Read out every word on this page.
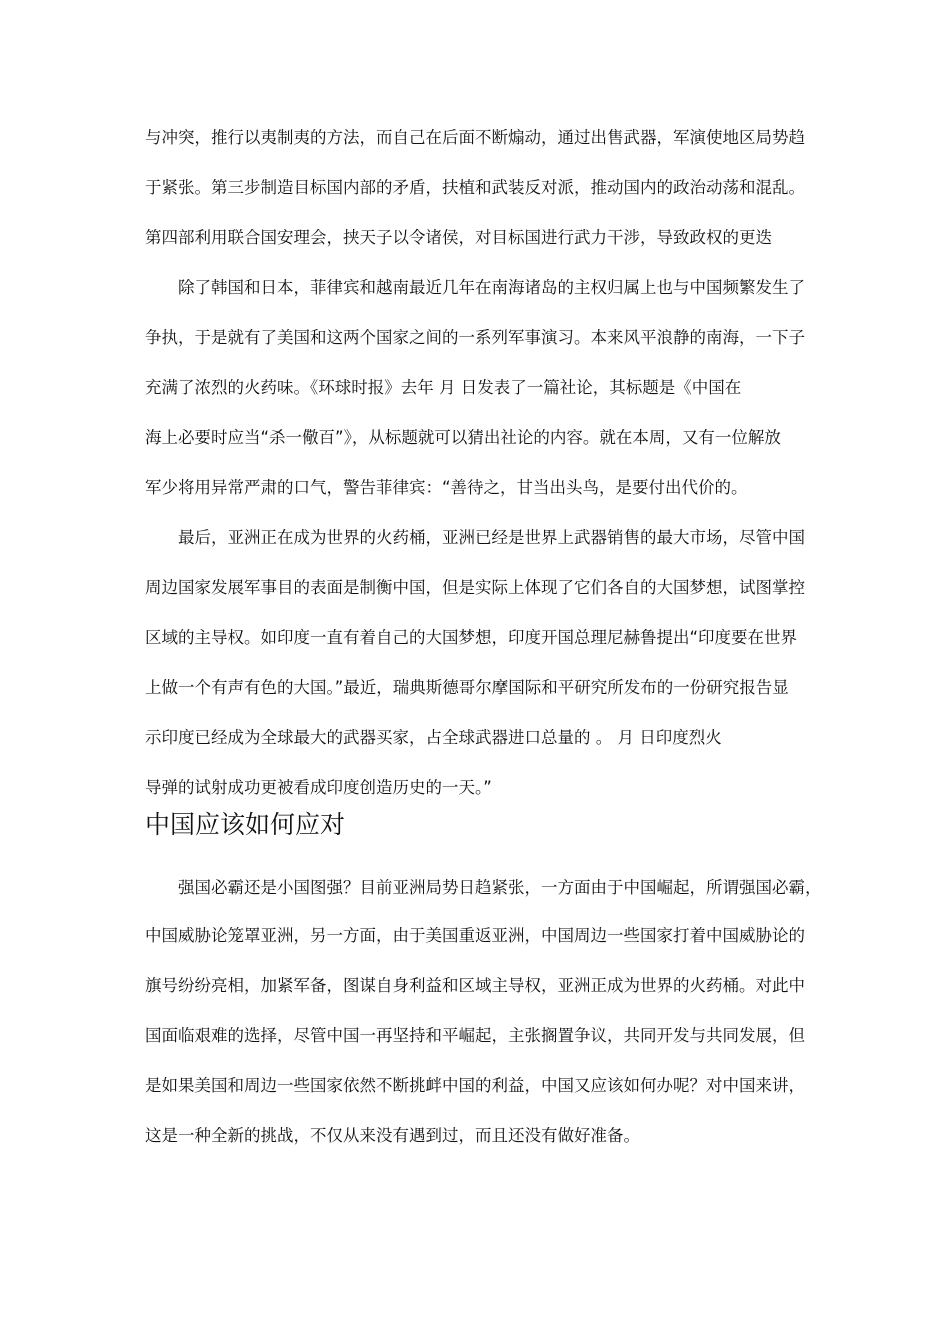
与冲突，推行以夷制夷的方法，而自己在后面不断煽动，通过出售武器，军演使地区局势趋
于紧张。第三步制造目标国内部的矛盾，扶植和武装反对派，推动国内的政治动荡和混乱。
第四部利用联合国安理会，挟天子以令诸侯，对目标国进行武力干涉，导致政权的更迭
除了韩国和日本，菲律宾和越南最近几年在南海诸岛的主权归属上也与中国频繁发生了
争执，于是就有了美国和这两个国家之间的一系列军事演习。本来风平浪静的南海，一下子
充满了浓烈的火药味。《环球时报》去年 月 日发表了一篇社论，其标题是《中国在
海上必要时应当“杀一儆百”》，从标题就可以猜出社论的内容。就在本周，又有一位解放
军少将用异常严肃的口气，警告菲律宾：“善待之，甘当出头鸟，是要付出代价的。
最后，亚洲正在成为世界的火药桶，亚洲已经是世界上武器销售的最大市场，尽管中国
周边国家发展军事目的表面是制衡中国，但是实际上体现了它们各自的大国梦想，试图掌控
区域的主导权。如印度一直有着自己的大国梦想，印度开国总理尼赫鲁提出“印度要在世界
上做一个有声有色的大国。”最近，瑞典斯德哥尔摩国际和平研究所发布的一份研究报告显
示印度已经成为全球最大的武器买家，占全球武器进口总量的 。 月 日印度烈火
导弹的试射成功更被看成印度创造历史的一天。”
中国应该如何应对
强国必霸还是小国图强？目前亚洲局势日趋紧张，一方面由于中国崛起，所谓强国必霸，
中国威胁论笼罩亚洲，另一方面，由于美国重返亚洲，中国周边一些国家打着中国威胁论的
旗号纷纷亮相，加紧军备，图谋自身利益和区域主导权，亚洲正成为世界的火药桶。对此中
国面临艰难的选择，尽管中国一再坚持和平崛起，主张搁置争议，共同开发与共同发展，但
是如果美国和周边一些国家依然不断挑衅中国的利益，中国又应该如何办呢？对中国来讲，
这是一种全新的挑战，不仅从来没有遇到过，而且还没有做好准备。
